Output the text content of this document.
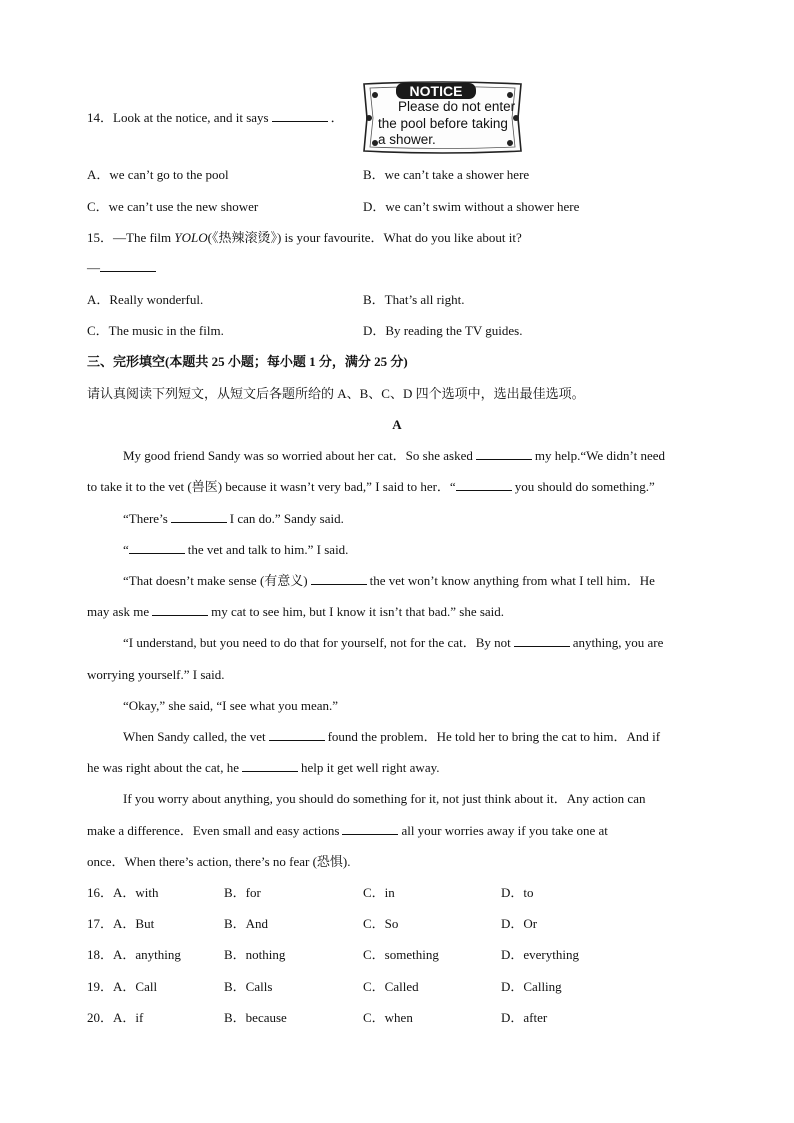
14．Look at the notice, and it says	．
NOTICE
Please do not enter
the pool before taking
a shower.
A．we can’t go to the pool	B．we can’t take a shower here
C．we can’t use the new shower	D．we can’t swim without a shower here
15．—The film YOLO(《热辣滚烫》) is your favourite．What do you like about it?
—
A．Really wonderful.	B．That’s all right.
C．The music in the film.	D．By reading the TV guides.
三、完形填空(本题共 25 小题；每小题 1 分，满分 25 分)
请认真阅读下列短文，从短文后各题所给的 A、B、C、D 四个选项中，选出最佳选项。
A
My good friend Sandy was so worried about her cat．So she asked	my help.“We didn’t need
to take it to the vet (兽医) because it wasn’t very bad,” I said to her．“	you should do something.”
“There’s	I can do.” Sandy said.
“	the vet and talk to him.” I said.
“That doesn’t make sense (有意义)	the vet won’t know anything from what I tell him．He
may ask me	my cat to see him, but I know it isn’t that bad.” she said.
“I understand, but you need to do that for yourself, not for the cat．By not	anything, you are
worrying yourself.” I said.
“Okay,” she said, “I see what you mean.”
When Sandy called, the vet	found the problem．He told her to bring the cat to him．And if
he was right about the cat, he	help it get well right away.
If you worry about anything, you should do something for it, not just think about it．Any action can
make a difference．Even small and easy actions	all your worries away if you take one at
once．When there’s action, there’s no fear (恐惧).
16．A．with	B．for	C．in	D．to
17．A．But	B．And	C．So	D．Or
18．A．anything	B．nothing	C．something	D．everything
19．A．Call	B．Calls	C．Called	D．Calling
20．A．if	B．because	C．when	D．after
